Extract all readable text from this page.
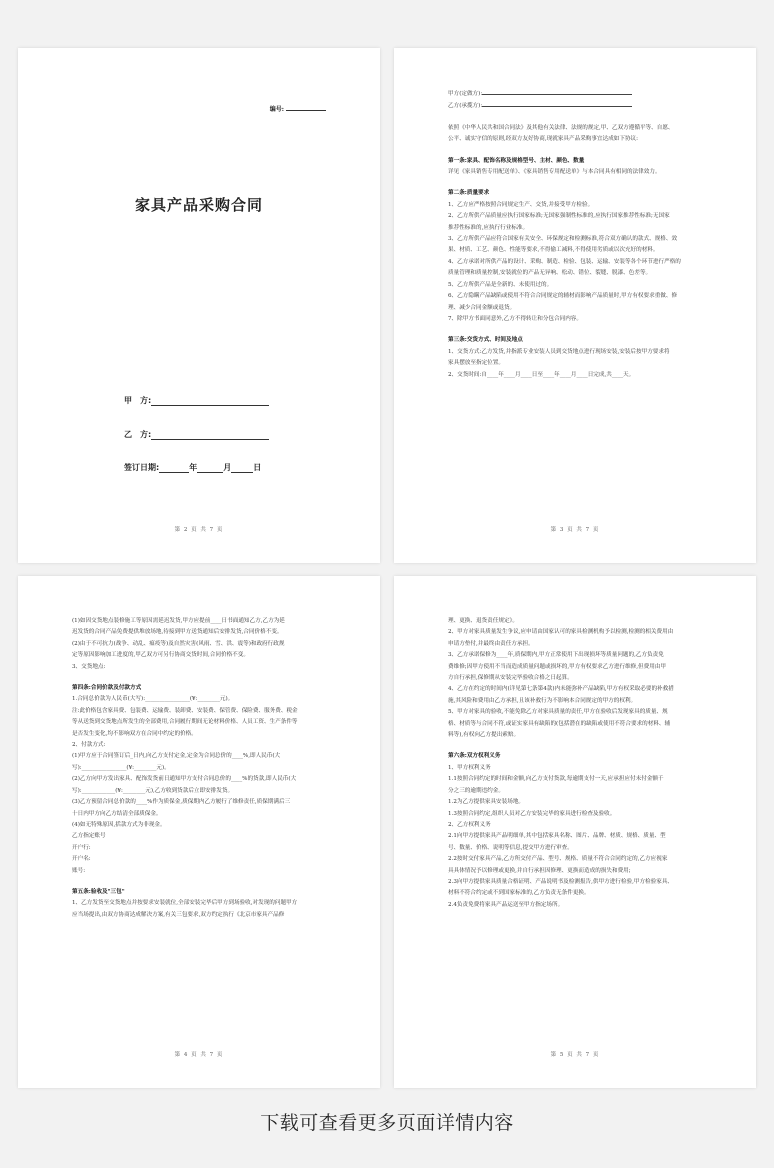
编号:
家具产品采购合同
甲　方:
乙　方:
签订日期:	年	月	日
第 2 页 共 7 页

甲方(定做方):

乙方(承揽方):

依照《中华人民共和国合同法》及其他有关法律、法规的规定,甲、乙双方遵循平等、自愿、

公平、诚实守信的原则,经双方友好协商,现就家具产品采购事宜达成如下协议:

第一条:家具、配饰名称及规格型号、主材、颜色、数量

详见《家具销售专用配送单》、《家具销售专用配送单》与本合同具有相同的法律效力。

第二条:质量要求

1、乙方应严格按照合同规定生产、交货,并接受甲方检验。

2、乙方所供产品质量应执行国家标准;无国家强制性标准的,应执行国家推荐性标准;无国家

推荐性标准的,应执行行业标准。

3、乙方所供产品应符合国家有关安全、环保规定和检测标准,符合双方确认的款式、规格、效

果、材质、工艺、颜色、性能等要求,不得偷工减料,不得使用劣质或以次充好的材料。

4、乙方承诺对所供产品的设计、采购、制造、检验、包装、运输、安装等各个环节进行严格的

质量管理和质量控制,安装就位的产品无异响、松动、错位、裂缝、脱漆、色差等。

5、乙方所供产品是全新的、未使用过的。

6、乙方隐瞒产品缺陷或使用不符合合同规定的辅材而影响产品质量时,甲方有权要求重做、修

理、减少合同金额或退货。

7、除甲方书面同意外,乙方不得转让和分包合同内容。

第三条:交货方式、时间及地点

1、交货方式:乙方发货,并指派专业安装人员到交货地点进行现场安装,安装后按甲方要求将

家具摆放至指定位置。

2、交货时间:自____年____月____日至____年____月____日完成,共____天。

第 3 页 共 7 页

(1)如因交货地点装修施工等原因需延迟发货,甲方应提前____日书面通知乙方,乙方为延

迟发货的合同产品免费提供堆放场地,待接到甲方送货通知后安排发货,合同价格不变。

(2)由于不可抗力(战争、动乱、瘟疫等)及自然灾害(风雨、雪、洪、震等)和政府行政规

定等原因影响加工进度的,甲乙双方可另行协商交货时间,合同价格不变。

3、交货地点:

第四条:合同价款及付款方式

1.合同总价款为人民币(大写):________________(¥:________元)。

注:此价格包含家具费、包装费、运输费、装卸费、安装费、保管费、保险费、服务费、税金

等从送货到交货地点所发生的全部费用,合同履行期间无论材料价格、人员工资、生产条件等

是否发生变化,均不影响双方在合同中约定的价格。

2、付款方式:

(1)甲方应于合同签订后_日内,向乙方支付定金,定金为合同总价的____%,即人民币(大

写):________________(¥:________元)。

(2)乙方向甲方发出家具、配饰发货前日通知甲方支付合同总价的____%的货款,即人民币(大

写):____________(¥:________元),乙方收到货款后立即安排发货。

(3)乙方预留合同总价款的____%作为质保金,质保期内乙方履行了维修责任,质保期满后三

十日内甲方向乙方结清全部质保金。

(4)如无特殊原因,括款方式为非现金。

乙方指定账号

开户行:

开户名:

账号:

第五条:验收及"三包"

1、乙方发货至交货地点并按要求安装就位,全部安装完毕后甲方到场验收,对发现的问题甲方

应当场提出,由双方协商达成解决方案,有关三包要求,双方约定执行《北京市家具产品修

第 4 页 共 7 页

理、更换、退货责任规定》。

2、甲方对家具质量发生争议,应申请由国家认可的家具检测机构予以检测,检测的相关费用由

申请方垫付,并最终由责任方承担。

3、乙方承诺保修为____年,质保期内,甲方正常使用下出现损坏等质量问题的,乙方负责免

费维修;因甲方使用不当而造成质量问题或损坏的,甲方有权要求乙方进行维修,但费用由甲

方自行承担,保修期从安装完毕验收合格之日起算。

4、乙方在约定的时间内(详见第七条第4款)内未能弥补产品缺陷,甲方有权采取必要的补救措

施,其风险和费用由乙方承担,且该补救行为不影响本合同规定的甲方的权利。

5、甲方对家具的验收,不能免除乙方对家具质量的责任,甲方在验收后发现家具的质量、规

格、材质等与合同不符,或证实家具有缺陷的(包括潜在的缺陷或使用不符合要求的材料、辅

料等),有权向乙方提出索赔。

第六条:双方权利义务

1、甲方权利义务

1.1按照合同约定的时间和金额,向乙方支付货款,每逾期支付一天,应承担应付未付金额千

分之三的逾期违约金。

1.2为乙方提供家具安装场地。

1.3按照合同约定,组织人员对乙方安装完毕的家具进行检查及验收。

2、乙方权利义务

2.1向甲方提供家具产品明细单,其中包括家具名称、图片、品牌、材质、规格、质量、型

号、数量、价格、说明等信息,提交甲方进行审查。

2.2按时交付家具产品,乙方所交付产品、型号、规格、质量不符合合同约定的,乙方应视家

具具体情况予以修理或更换,并自行承担因修理、更换而造成的损失和费用;

2.3向甲方提供家具质量合格证明、产品说明书及检测报告,供甲方进行检验,甲方检验家具、

材料不符合约定或不到国家标准的,乙方负责无条件更换。

2.4负责免费将家具产品运送至甲方指定场所。

第 5 页 共 7 页
下载可查看更多页面详情内容
